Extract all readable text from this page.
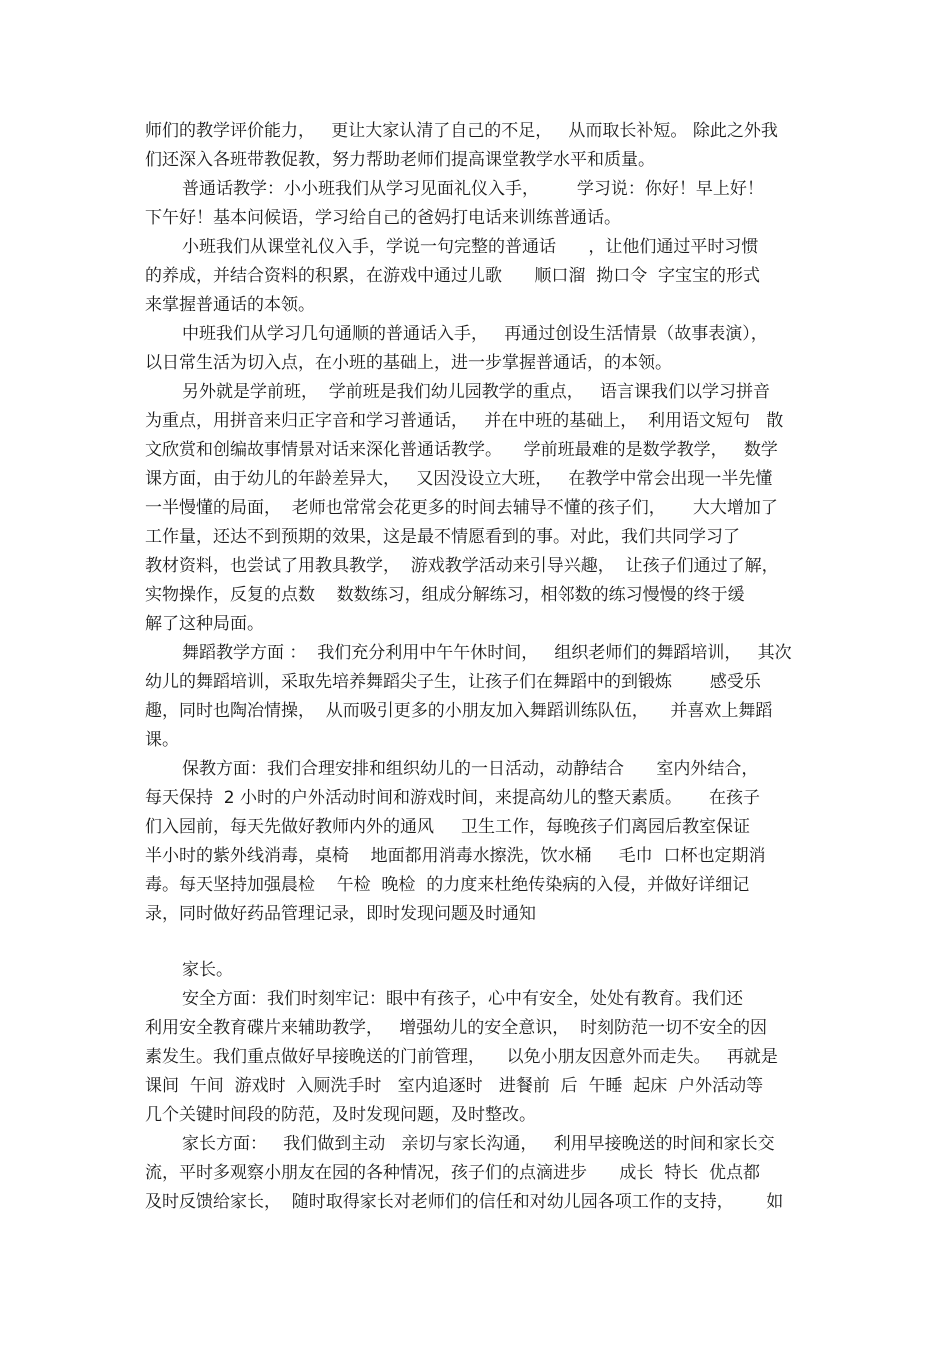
师们的教学评价能力，   更让大家认清了自己的不足，   从而取长补短。 除此之外我
们还深入各班带教促教，努力帮助老师们提高课堂教学水平和质量。
普通话教学：小小班我们从学习见面礼仪入手，       学习说：你好！早上好！
下午好！基本问候语，学习给自己的爸妈打电话来训练普通话。
小班我们从课堂礼仪入手，学说一句完整的普通话      ，让他们通过平时习惯
的养成，并结合资料的积累，在游戏中通过儿歌      顺口溜  拗口令  字宝宝的形式
来掌握普通话的本领。
中班我们从学习几句通顺的普通话入手，   再通过创设生活情景（故事表演），
以日常生活为切入点，在小班的基础上，进一步掌握普通话，的本领。
另外就是学前班，  学前班是我们幼儿园教学的重点，   语言课我们以学习拼音
为重点，用拼音来归正字音和学习普通话，   并在中班的基础上，  利用语文短句   散
文欣赏和创编故事情景对话来深化普通话教学。    学前班最难的是数学教学，   数学
课方面，由于幼儿的年龄差异大，   又因没设立大班，   在教学中常会出现一半先懂
一半慢懂的局面，  老师也常常会花更多的时间去辅导不懂的孩子们，     大大增加了
工作量，还达不到预期的效果，这是最不情愿看到的事。对此，我们共同学习了
教材资料，也尝试了用教具教学，  游戏教学活动来引导兴趣，  让孩子们通过了解，
实物操作，反复的点数    数数练习，组成分解练习，相邻数的练习慢慢的终于缓
解了这种局面。
舞蹈教学方面 ：  我们充分利用中午午休时间，   组织老师们的舞蹈培训，   其次
幼儿的舞蹈培训，采取先培养舞蹈尖子生，让孩子们在舞蹈中的到锻炼       感受乐
趣，同时也陶冶情操，  从而吸引更多的小朋友加入舞蹈训练队伍，    并喜欢上舞蹈
课。
保教方面：我们合理安排和组织幼儿的一日活动，动静结合      室内外结合，
每天保持  2 小时的户外活动时间和游戏时间，来提高幼儿的整天素质。     在孩子
们入园前，每天先做好教师内外的通风     卫生工作，每晚孩子们离园后教室保证
半小时的紫外线消毒，桌椅    地面都用消毒水擦洗，饮水桶     毛巾  口杯也定期消
毒。每天坚持加强晨检    午检  晚检  的力度来杜绝传染病的入侵，并做好详细记
录，同时做好药品管理记录，即时发现问题及时通知
家长。
安全方面：我们时刻牢记：眼中有孩子，心中有安全，处处有教育。我们还
利用安全教育碟片来辅助教学，   增强幼儿的安全意识，  时刻防范一切不安全的因
素发生。我们重点做好早接晚送的门前管理，    以免小朋友因意外而走失。   再就是
课间  午间  游戏时  入厕洗手时   室内追逐时   进餐前  后  午睡  起床  户外活动等
几个关键时间段的防范，及时发现问题，及时整改。
家长方面：   我们做到主动   亲切与家长沟通，   利用早接晚送的时间和家长交
流，平时多观察小朋友在园的各种情况，孩子们的点滴进步      成长  特长  优点都
及时反馈给家长，  随时取得家长对老师们的信任和对幼儿园各项工作的支持，      如
